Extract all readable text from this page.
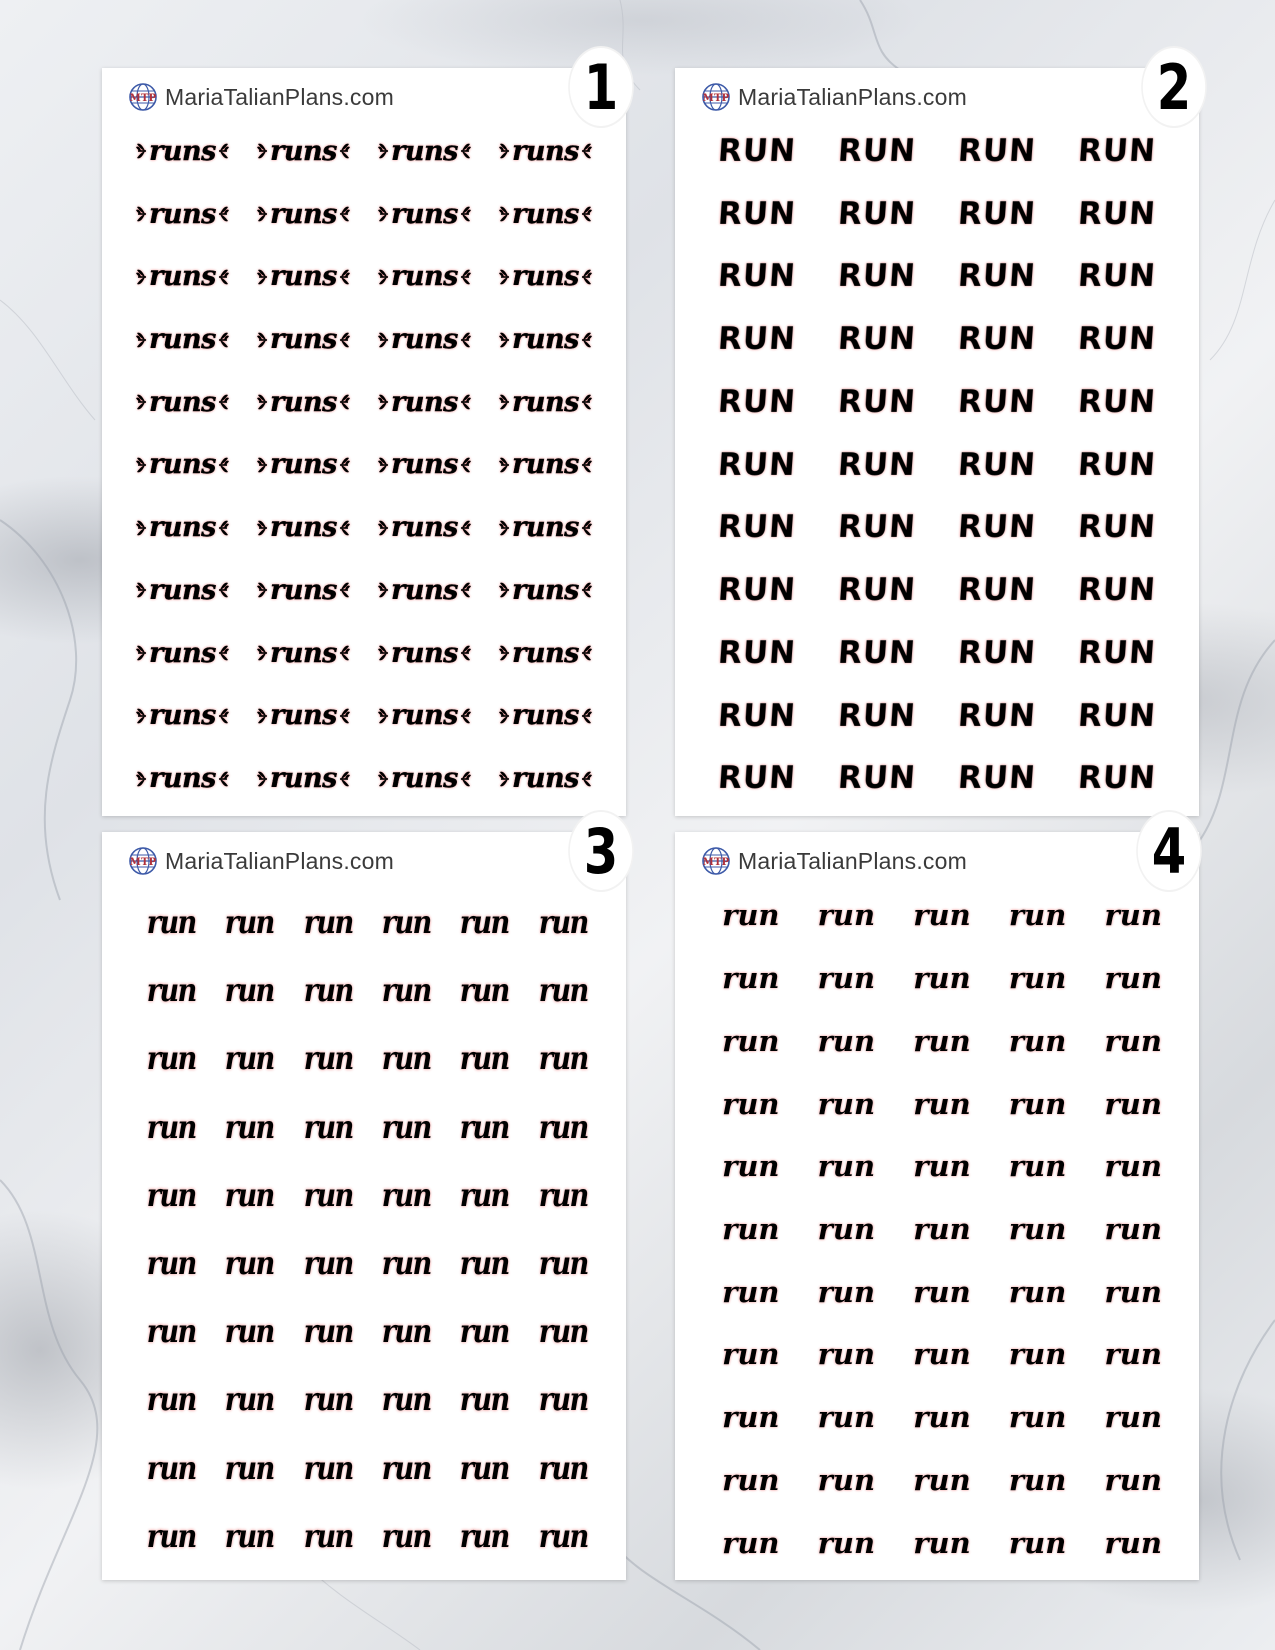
MTP MariaTalianPlans.com	1
runs runs runs runs
runs runs runs runs
runs runs runs runs
runs runs runs runs
runs runs runs runs
runs runs runs runs
runs runs runs runs
runs runs runs runs
runs runs runs runs
runs runs runs runs
runs runs runs runs
MTP MariaTalianPlans.com	2
RUN RUN RUN RUN
RUN RUN RUN RUN
RUN RUN RUN RUN
RUN RUN RUN RUN
RUN RUN RUN RUN
RUN RUN RUN RUN
RUN RUN RUN RUN
RUN RUN RUN RUN
RUN RUN RUN RUN
RUN RUN RUN RUN
RUN RUN RUN RUN
MTP MariaTalianPlans.com	3
run run run run run run
run run run run run run
run run run run run run
run run run run run run
run run run run run run
run run run run run run
run run run run run run
run run run run run run
run run run run run run
run run run run run run
MTP MariaTalianPlans.com	4
run run run run run
run run run run run
run run run run run
run run run run run
run run run run run
run run run run run
run run run run run
run run run run run
run run run run run
run run run run run
run run run run run
